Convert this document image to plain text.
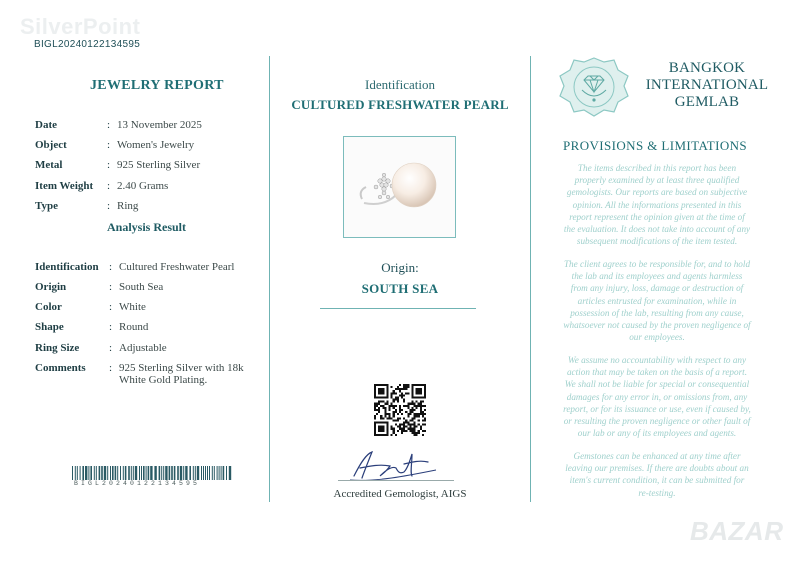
SilverPoint
BIGL20240122134595
JEWELRY REPORT
Date	: 13 November 2025
Object	: Women's Jewelry
Metal	: 925 Sterling Silver
Item Weight	: 2.40 Grams
Type	: Ring
Analysis Result
Identification : Cultured Freshwater Pearl
Origin	: South Sea
Color	: White
Shape	: Round
Ring Size	: Adjustable
Comments	: 925 Sterling Silver with 18k
White Gold Plating.
BIGL20240122134595
Identification
CULTURED FRESHWATER PEARL
Origin:
SOUTH SEA
Accredited Gemologist, AIGS
BANGKOK
INTERNATIONAL
GEMLAB
PROVISIONS & LIMITATIONS
The items described in this report has been
properly examined by at least three qualified
gemologists. Our reports are based on subjective
opinion. All the informations presented in this
report represent the opinion given at the time of
the evaluation. It does not take into account of any
subsequent modifications of the item tested.
The client agrees to be responsible for, and to hold
the lab and its employees and agents harmless
from any injury, loss, damage or destruction of
articles entrusted for examination, while in
possession of the lab, resulting from any cause,
whatsoever not caused by the proven negligence of
our employees.
We assume no accountability with respect to any
action that may be taken on the basis of a report.
We shall not be liable for special or consequential
damages for any error in, or omissions from, any
report, or for its issuance or use, even if caused by,
or resulting the proven negligence or other fault of
our lab or any of its employees and agents.
Gemstones can be enhanced at any time after
leaving our premises. If there are doubts about an
item's current condition, it can be submitted for
re-testing.
BAZAR
